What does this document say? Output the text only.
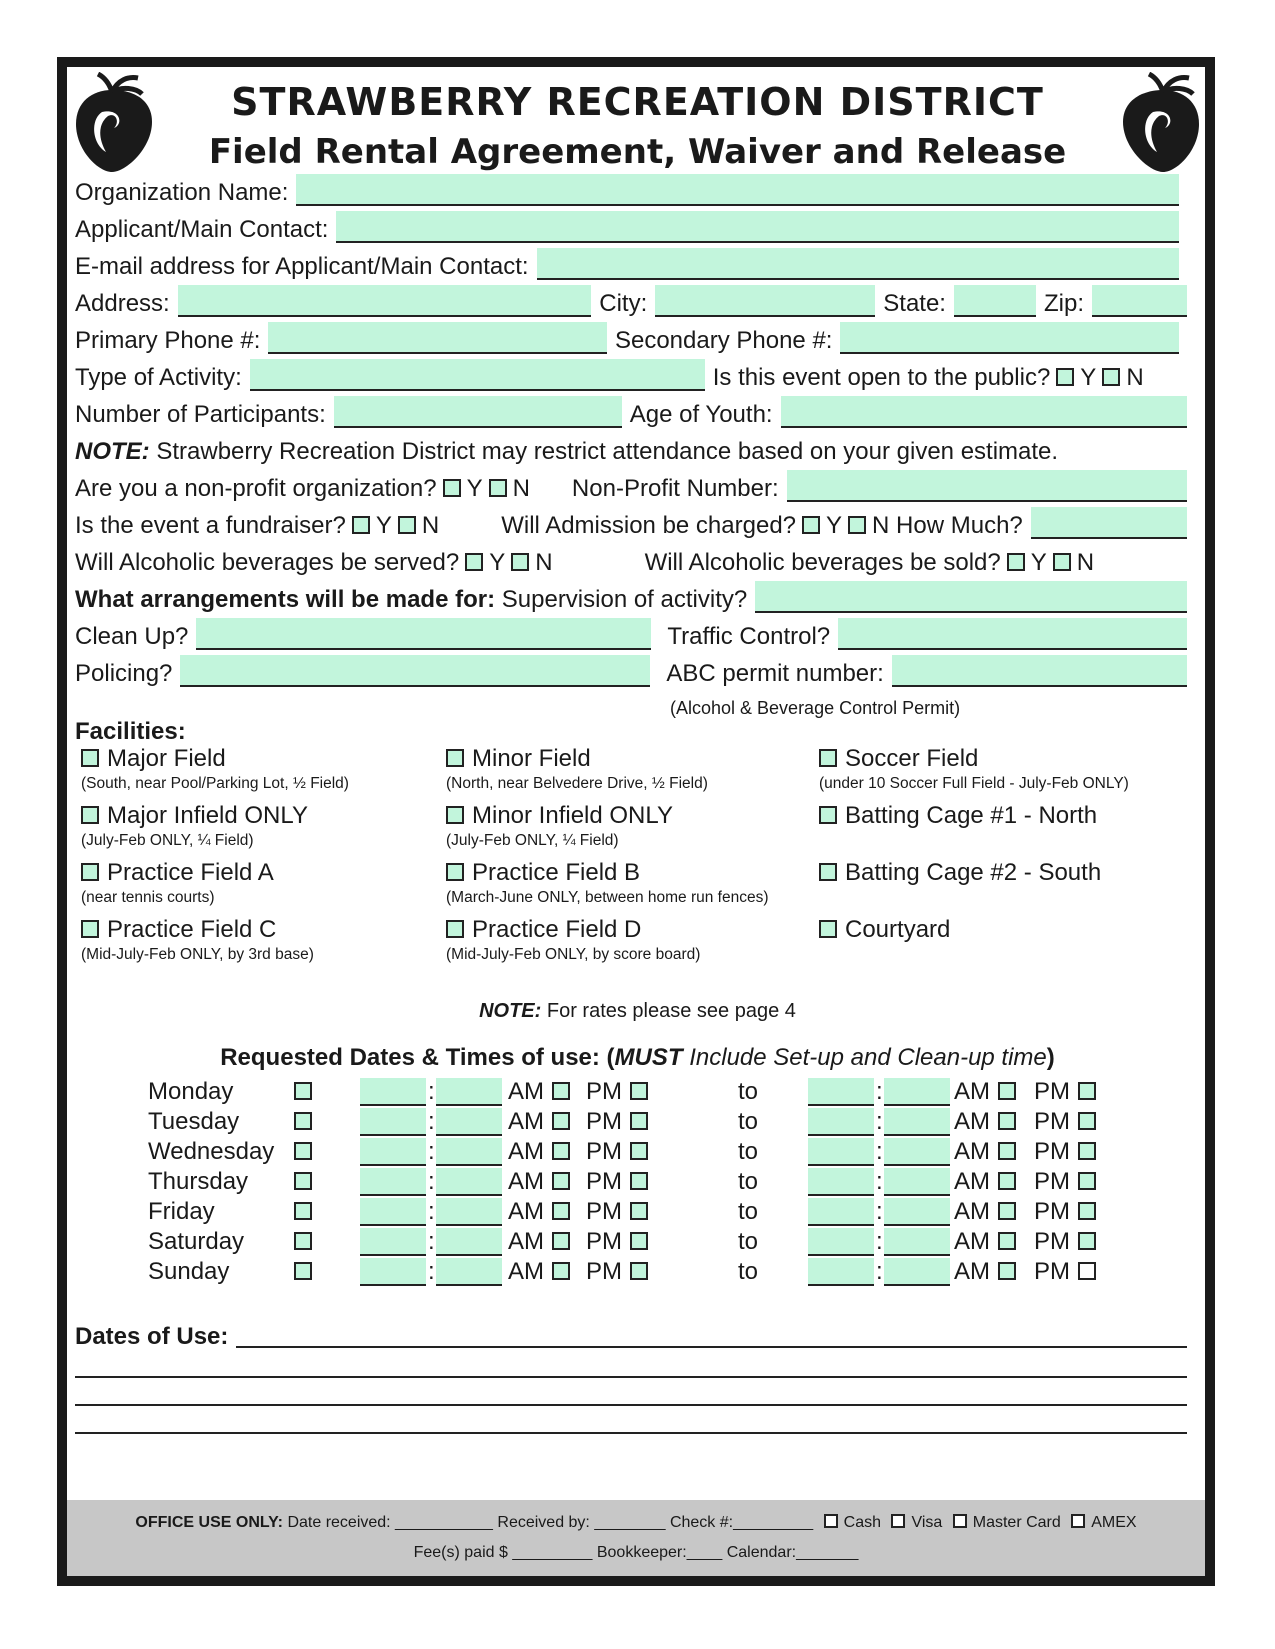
STRAWBERRY RECREATION DISTRICT
Field Rental Agreement, Waiver and Release
Organization Name:
Applicant/Main Contact:
E-mail address for Applicant/Main Contact:
Address:	City:	State:	Zip:
Primary Phone #:	Secondary Phone #:
Type of Activity:	Is this event open to the public? Y N
Number of Participants:	Age of Youth:
NOTE: Strawberry Recreation District may restrict attendance based on your given estimate.
Are you a non-profit organization? Y N Non-Profit Number:
Is the event a fundraiser? Y N	Will Admission be charged? Y N How Much?
Will Alcoholic beverages be served? Y N	Will Alcoholic beverages be sold? Y N
What arrangements will be made for: Supervision of activity?
Clean Up?	Traffic Control?
Policing?	ABC permit number:
(Alcohol & Beverage Control Permit)
Facilities:
Major Field
(South, near Pool/Parking Lot, ½ Field)
Minor Field
(North, near Belvedere Drive, ½ Field)
Soccer Field
(under 10 Soccer Full Field - July-Feb ONLY)
Major Infield ONLY
(July-Feb ONLY, ¼ Field)
Minor Infield ONLY
(July-Feb ONLY, ¼ Field)
Batting Cage #1 - North
Practice Field A
(near tennis courts)
Practice Field B
(March-June ONLY, between home run fences)
Batting Cage #2 - South
Practice Field C
(Mid-July-Feb ONLY, by 3rd base)
Practice Field D
(Mid-July-Feb ONLY, by score board)
Courtyard
NOTE: For rates please see page 4
Requested Dates & Times of use: (MUST Include Set-up and Clean-up time)
Monday	:	AM PM	to	:	AM PM
Tuesday	:	AM PM	to	:	AM PM
Wednesday	:	AM PM	to	:	AM PM
Thursday	:	AM PM	to	:	AM PM
Friday	:	AM PM	to	:	AM PM
Saturday	:	AM PM	to	:	AM PM
Sunday	:	AM PM	to	:	AM PM
Dates of Use:
OFFICE USE ONLY: Date received: ___________ Received by: ________ Check #:_________ Cash Visa Master Card AMEX
Fee(s) paid $ _________ Bookkeeper:____ Calendar:_______
